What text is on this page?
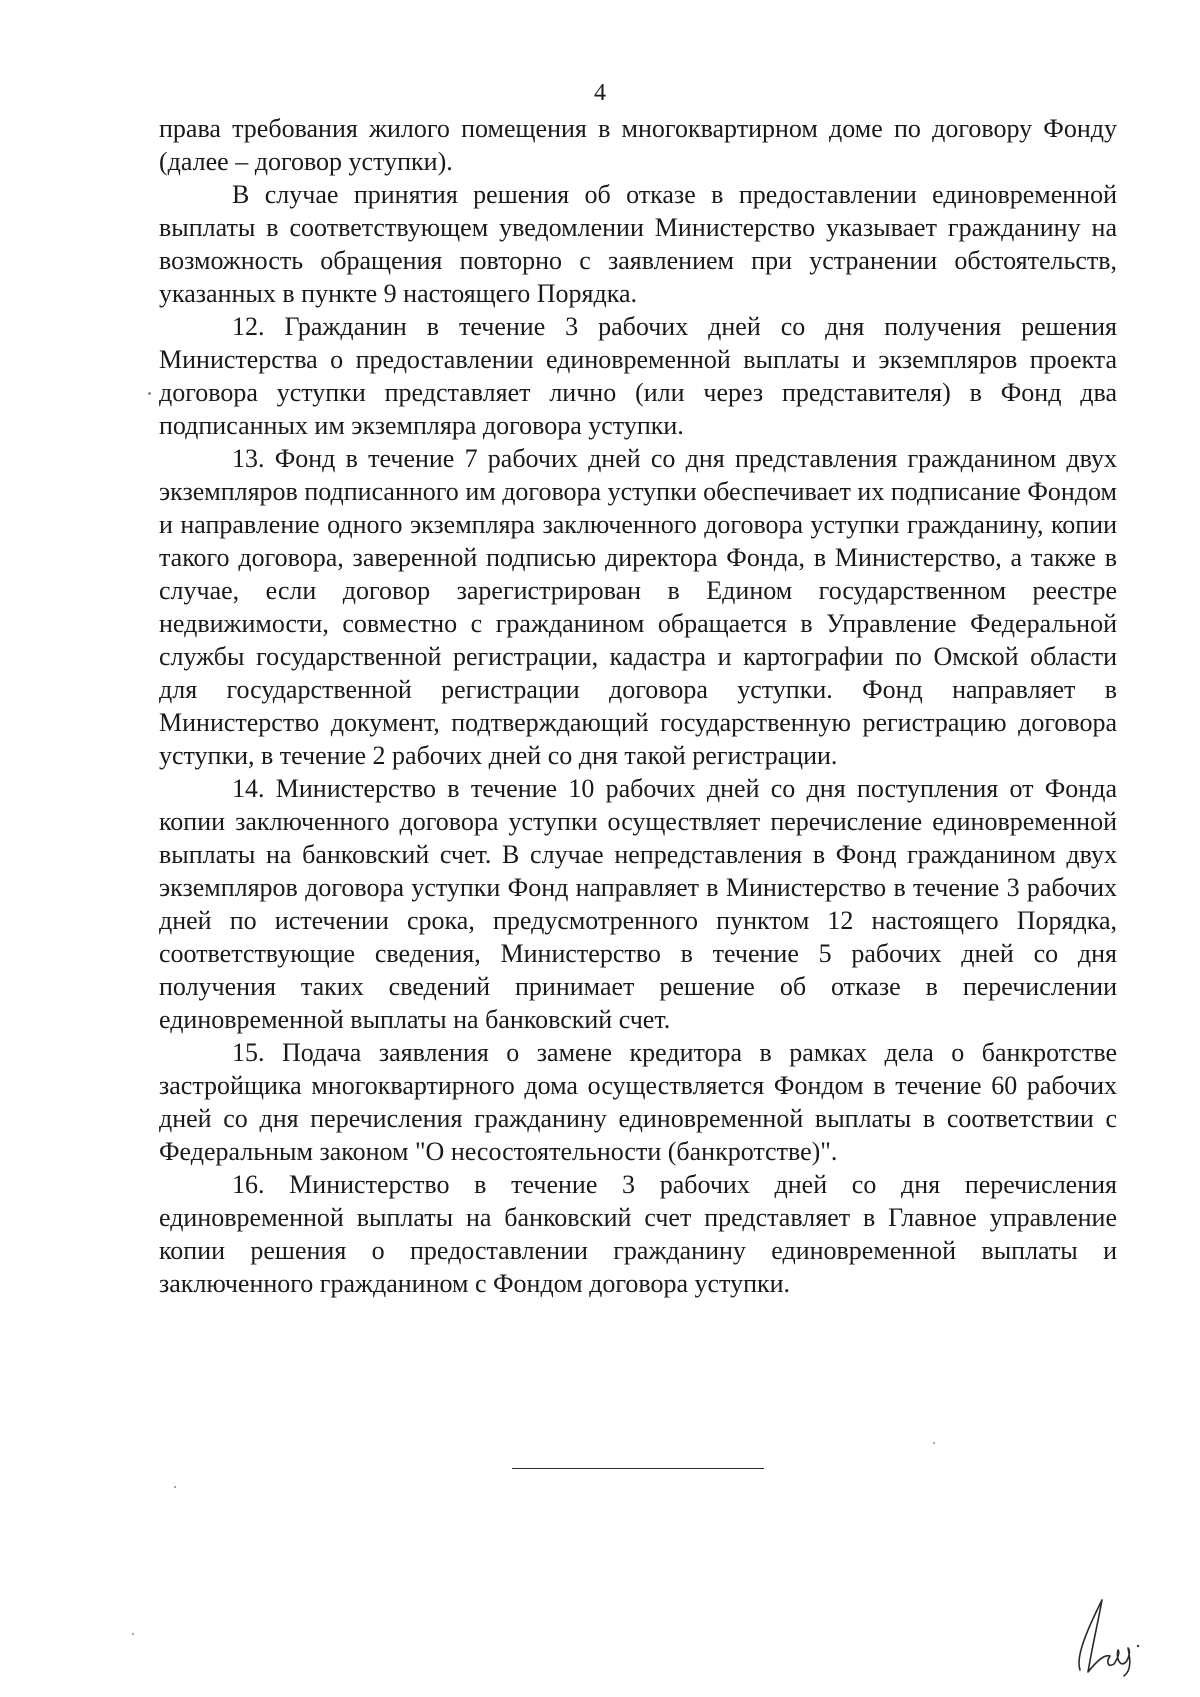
4

права требования жилого помещения в многоквартирном доме по договору Фонду (далее – договор уступки).

В случае принятия решения об отказе в предоставлении единовременной выплаты в соответствующем уведомлении Министерство указывает гражданину на возможность обращения повторно с заявлением при устранении обстоятельств, указанных в пункте 9 настоящего Порядка.

12. Гражданин в течение 3 рабочих дней со дня получения решения Министерства о предоставлении единовременной выплаты и экземпляров проекта договора уступки представляет лично (или через представителя) в Фонд два подписанных им экземпляра договора уступки.

13. Фонд в течение 7 рабочих дней со дня представления гражданином двух экземпляров подписанного им договора уступки обеспечивает их подписание Фондом и направление одного экземпляра заключенного договора уступки гражданину, копии такого договора, заверенной подписью директора Фонда, в Министерство, а также в случае, если договор зарегистрирован в Едином государственном реестре недвижимости, совместно с гражданином обращается в Управление Федеральной службы государственной регистрации, кадастра и картографии по Омской области для государственной регистрации договора уступки. Фонд направляет в Министерство документ, подтверждающий государственную регистрацию договора уступки, в течение 2 рабочих дней со дня такой регистрации.

14. Министерство в течение 10 рабочих дней со дня поступления от Фонда копии заключенного договора уступки осуществляет перечисление единовременной выплаты на банковский счет. В случае непредставления в Фонд гражданином двух экземпляров договора уступки Фонд направляет в Министерство в течение 3 рабочих дней по истечении срока, предусмотренного пунктом 12 настоящего Порядка, соответствующие сведения, Министерство в течение 5 рабочих дней со дня получения таких сведений принимает решение об отказе в перечислении единовременной выплаты на банковский счет.

15. Подача заявления о замене кредитора в рамках дела о банкротстве застройщика многоквартирного дома осуществляется Фондом в течение 60 рабочих дней со дня перечисления гражданину единовременной выплаты в соответствии с Федеральным законом "О несостоятельности (банкротстве)".

16. Министерство в течение 3 рабочих дней со дня перечисления единовременной выплаты на банковский счет представляет в Главное управление копии решения о предоставлении гражданину единовременной выплаты и заключенного гражданином с Фондом договора уступки.
